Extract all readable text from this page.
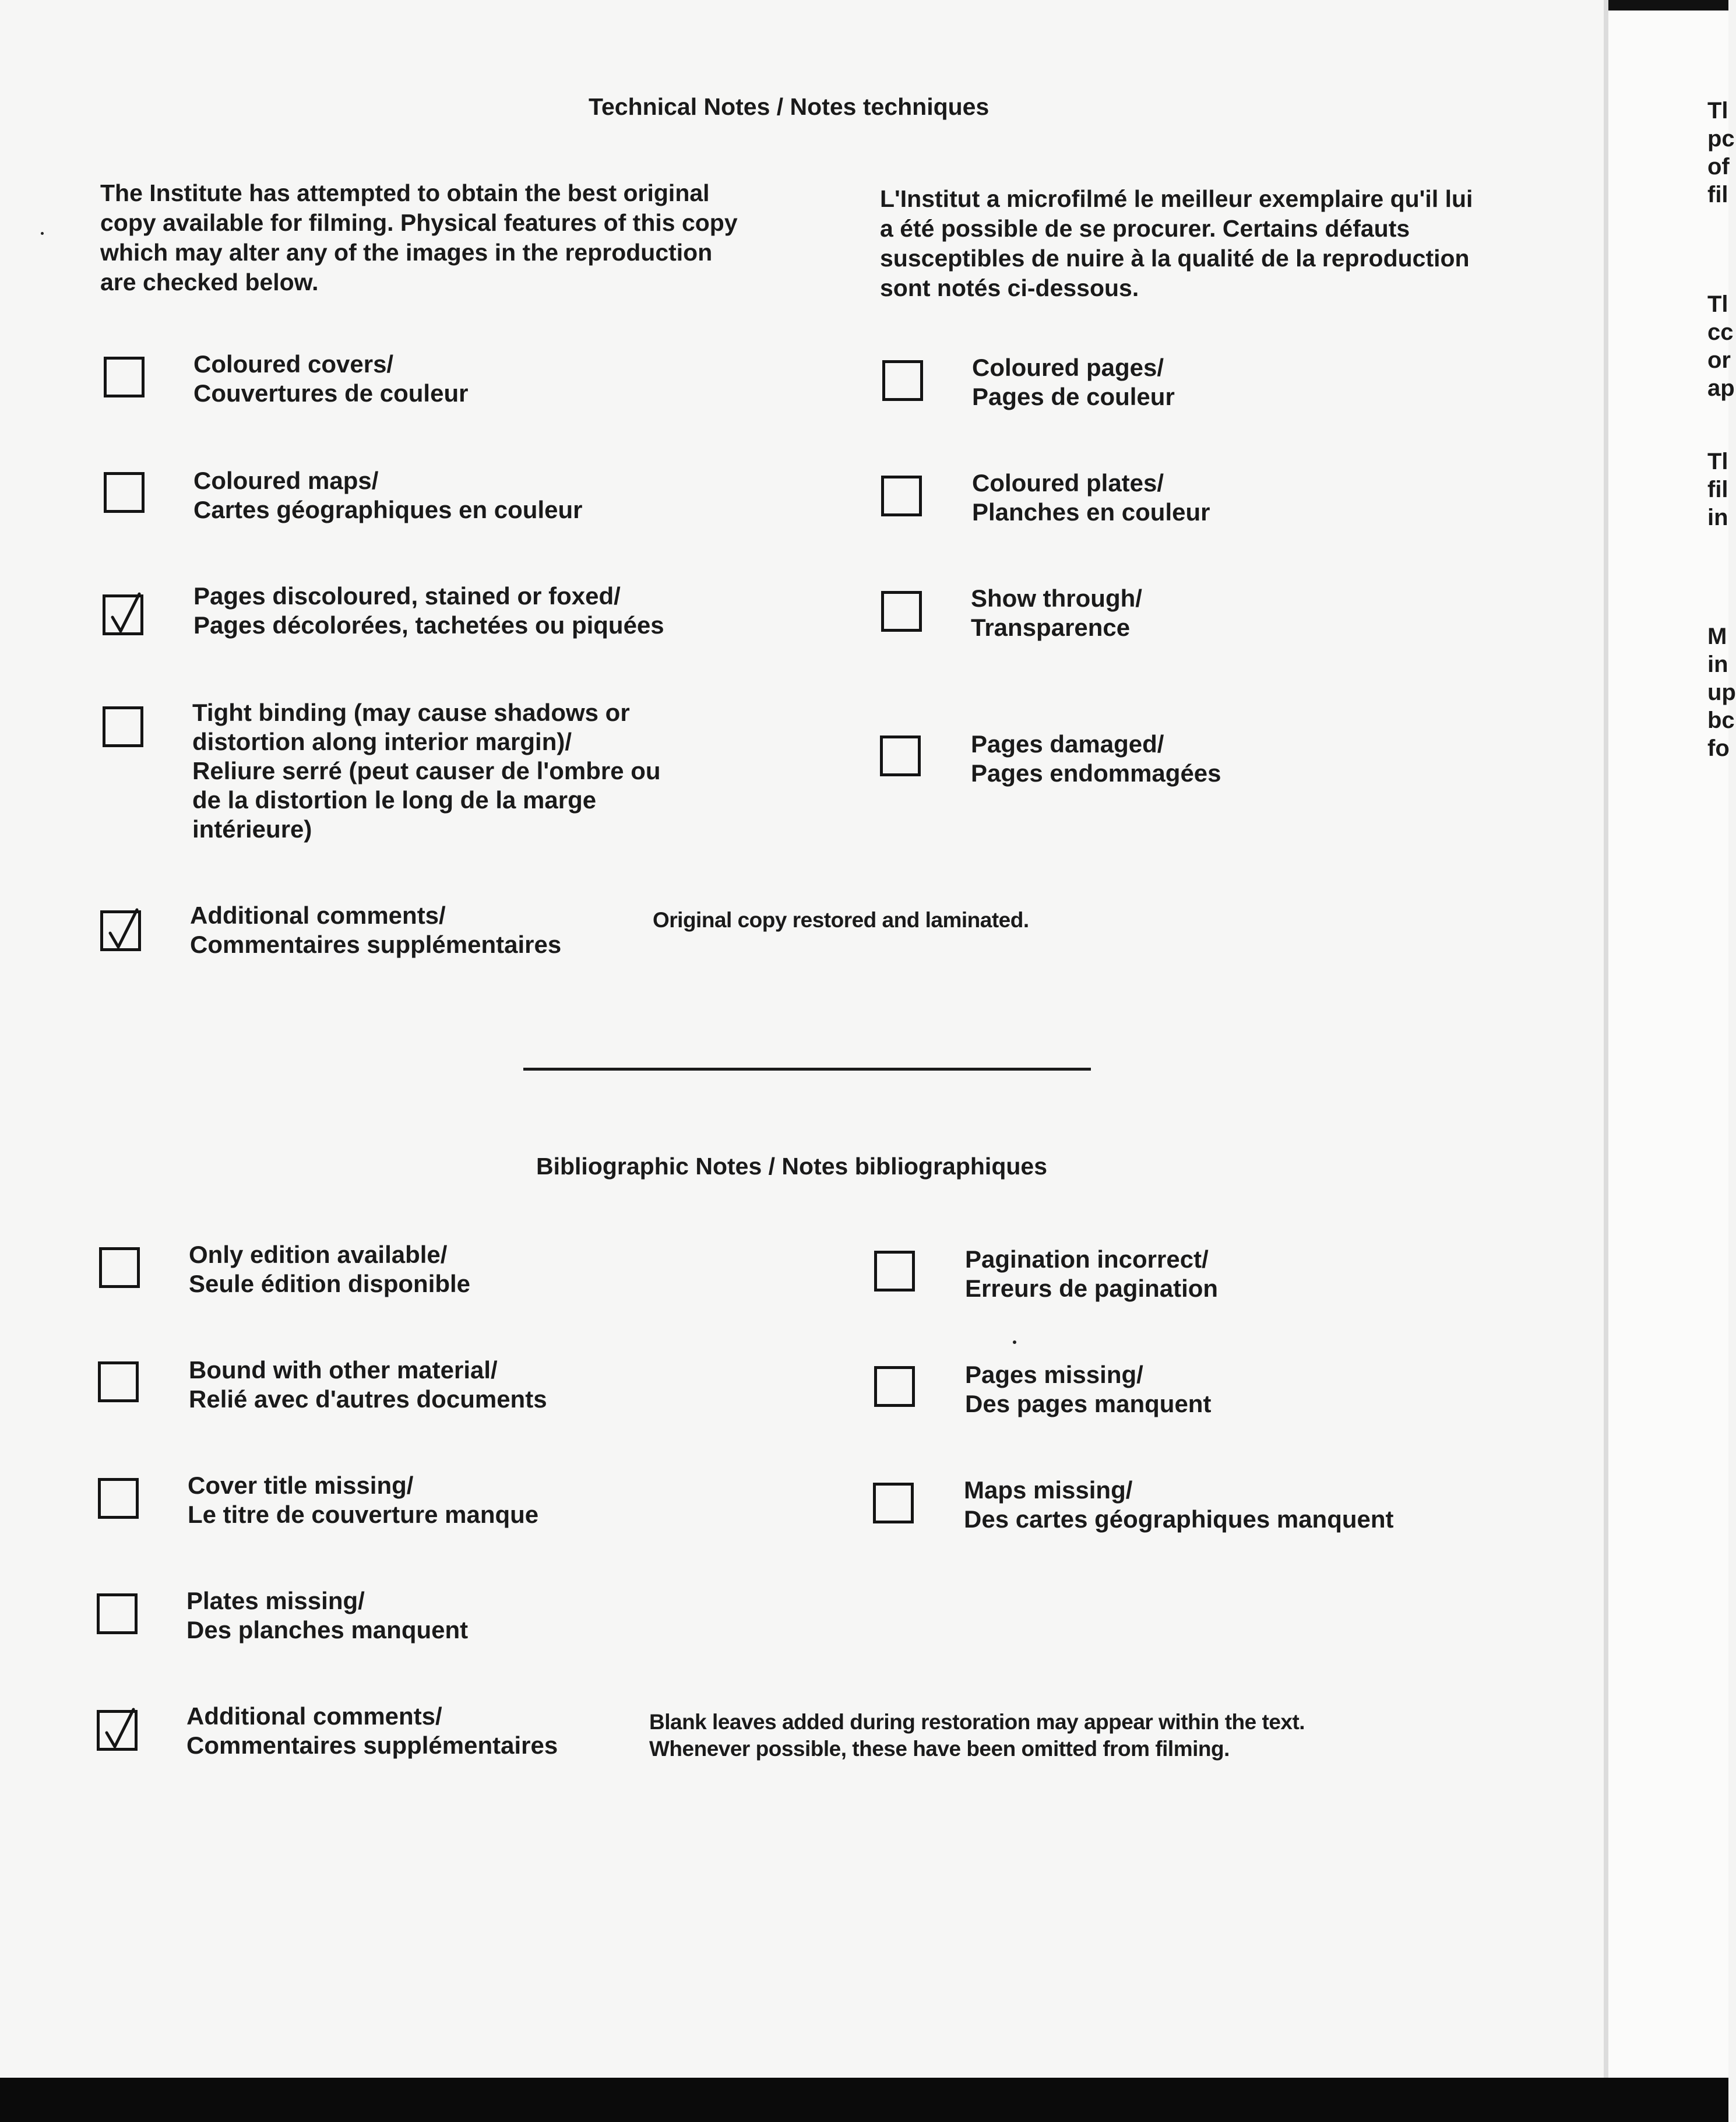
Technical Notes / Notes techniques
The Institute has attempted to obtain the best original copy available for filming. Physical features of this copy which may alter any of the images in the reproduction are checked below.
L'Institut a microfilmé le meilleur exemplaire qu'il lui a été possible de se procurer. Certains défauts susceptibles de nuire à la qualité de la reproduction sont notés ci-dessous.
Coloured covers/
Couvertures de couleur
Coloured pages/
Pages de couleur
Coloured maps/
Cartes géographiques en couleur
Coloured plates/
Planches en couleur
Pages discoloured, stained or foxed/
Pages décolorées, tachetées ou piquées
Show through/
Transparence
Tight binding (may cause shadows or
distortion along interior margin)/
Reliure serré (peut causer de l'ombre ou
de la distortion le long de la marge
intérieure)
Pages damaged/
Pages endommagées
Additional comments/
Commentaires supplémentaires
Original copy restored and laminated.
Bibliographic Notes / Notes bibliographiques
Only edition available/
Seule édition disponible
Pagination incorrect/
Erreurs de pagination
Bound with other material/
Relié avec d'autres documents
Pages missing/
Des pages manquent
Cover title missing/
Le titre de couverture manque
Maps missing/
Des cartes géographiques manquent
Plates missing/
Des planches manquent
Additional comments/
Commentaires supplémentaires
Blank leaves added during restoration may appear within the text.
Whenever possible, these have been omitted from filming.
Tl
pc
of
fil
Tl
cc
or
ap
Tl
fil
in
M
in
up
bc
fo
